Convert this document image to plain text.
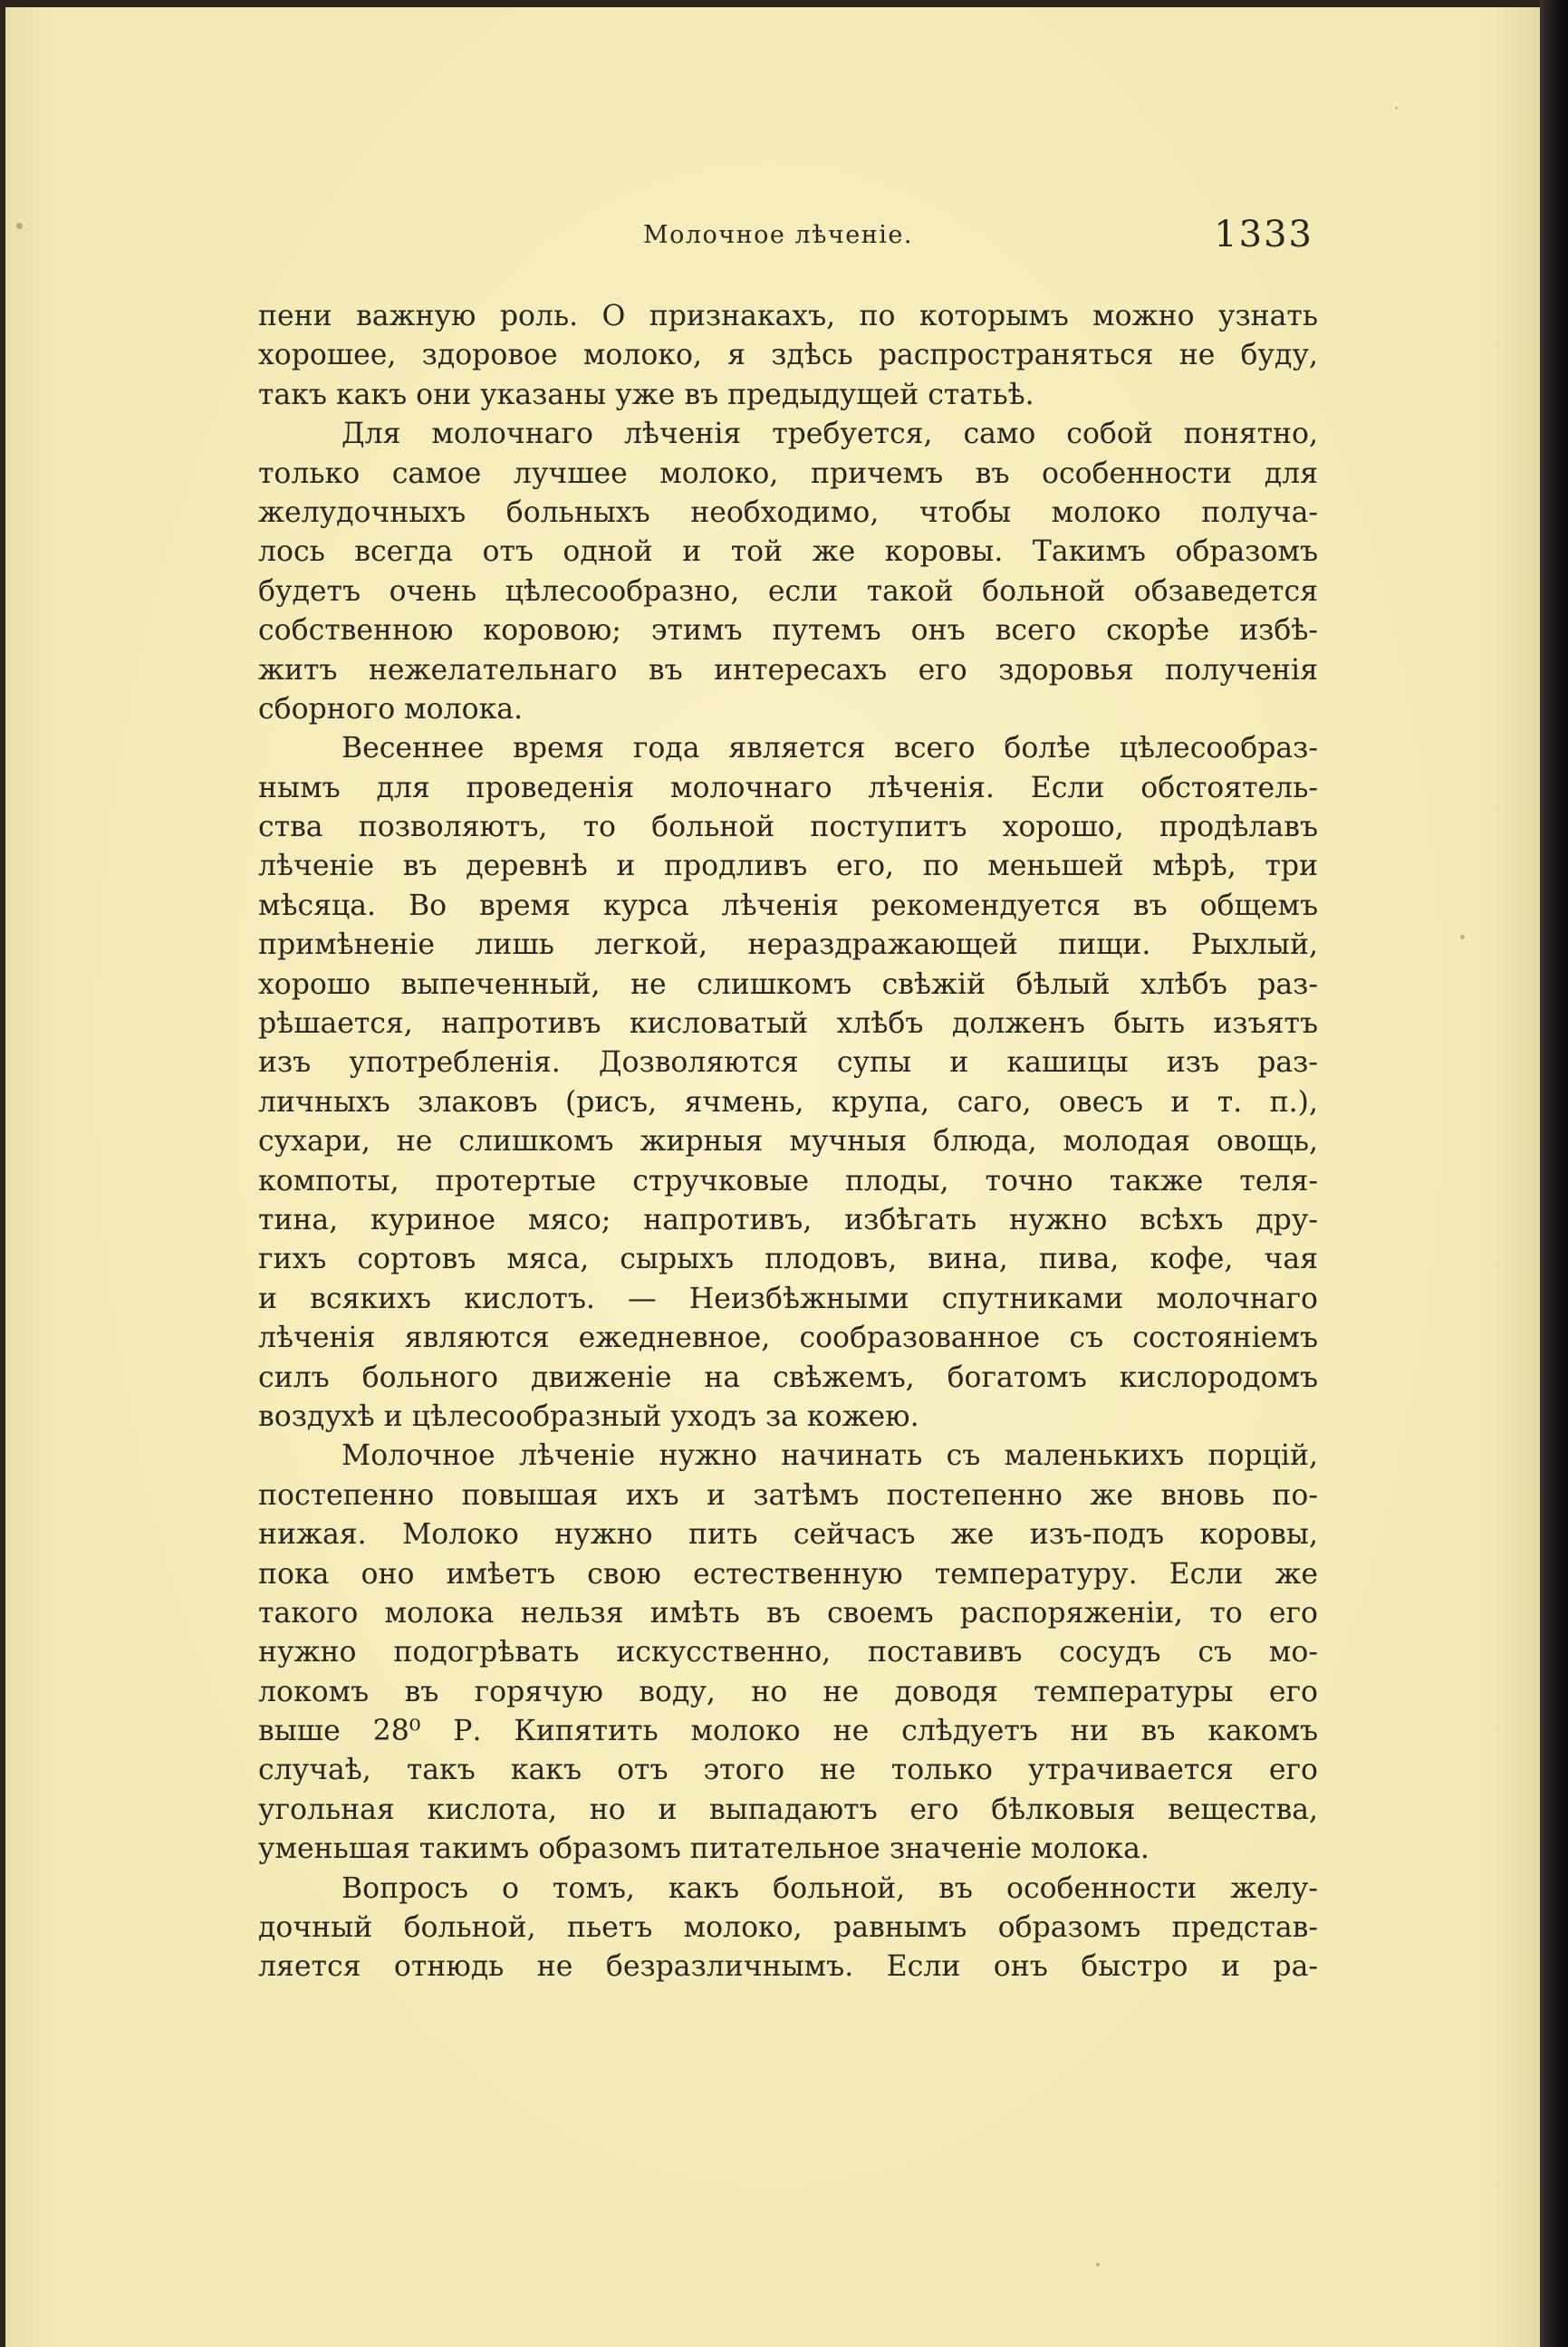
Молочное лѣченіе.	1333
пени важную роль. О признакахъ, по которымъ можно узнать
хорошее, здоровое молоко, я здѣсь распространяться не буду,
такъ какъ они указаны уже въ предыдущей статьѣ.
Для молочнаго лѣченія требуется, само собой понятно,
только самое лучшее молоко, причемъ въ особенности для
желудочныхъ больныхъ необходимо, чтобы молоко получа-
лось всегда отъ одной и той же коровы. Такимъ образомъ
будетъ очень цѣлесообразно, если такой больной обзаведется
собственною коровою; этимъ путемъ онъ всего скорѣе избѣ-
житъ нежелательнаго въ интересахъ его здоровья полученія
сборного молока.
Весеннее время года является всего болѣе цѣлесообраз-
нымъ для проведенія молочнаго лѣченія. Если обстоятель-
ства позволяютъ, то больной поступитъ хорошо, продѣлавъ
лѣченіе въ деревнѣ и продливъ его, по меньшей мѣрѣ, три
мѣсяца. Во время курса лѣченія рекомендуется въ общемъ
примѣненіе лишь легкой, нераздражающей пищи. Рыхлый,
хорошо выпеченный, не слишкомъ свѣжій бѣлый хлѣбъ раз-
рѣшается, напротивъ кисловатый хлѣбъ долженъ быть изъятъ
изъ употребленія. Дозволяются супы и кашицы изъ раз-
личныхъ злаковъ (рисъ, ячмень, крупа, саго, овесъ и т. п.),
сухари, не слишкомъ жирныя мучныя блюда, молодая овощь,
компоты, протертые стручковые плоды, точно также теля-
тина, куриное мясо; напротивъ, избѣгать нужно всѣхъ дру-
гихъ сортовъ мяса, сырыхъ плодовъ, вина, пива, кофе, чая
и всякихъ кислотъ. — Неизбѣжными спутниками молочнаго
лѣченія являются ежедневное, сообразованное съ состояніемъ
силъ больного движеніе на свѣжемъ, богатомъ кислородомъ
воздухѣ и цѣлесообразный уходъ за кожею.
Молочное лѣченіе нужно начинать съ маленькихъ порцій,
постепенно повышая ихъ и затѣмъ постепенно же вновь по-
нижая. Молоко нужно пить сейчасъ же изъ-подъ коровы,
пока оно имѣетъ свою естественную температуру. Если же
такого молока нельзя имѣть въ своемъ распоряженіи, то его
нужно подогрѣвать искусственно, поставивъ сосудъ съ мо-
локомъ въ горячую воду, но не доводя температуры его
выше 28⁰ Р. Кипятить молоко не слѣдуетъ ни въ какомъ
случаѣ, такъ какъ отъ этого не только утрачивается его
угольная кислота, но и выпадаютъ его бѣлковыя вещества,
уменьшая такимъ образомъ питательное значеніе молока.
Вопросъ о томъ, какъ больной, въ особенности желу-
дочный больной, пьетъ молоко, равнымъ образомъ представ-
ляется отнюдь не безразличнымъ. Если онъ быстро и ра-
